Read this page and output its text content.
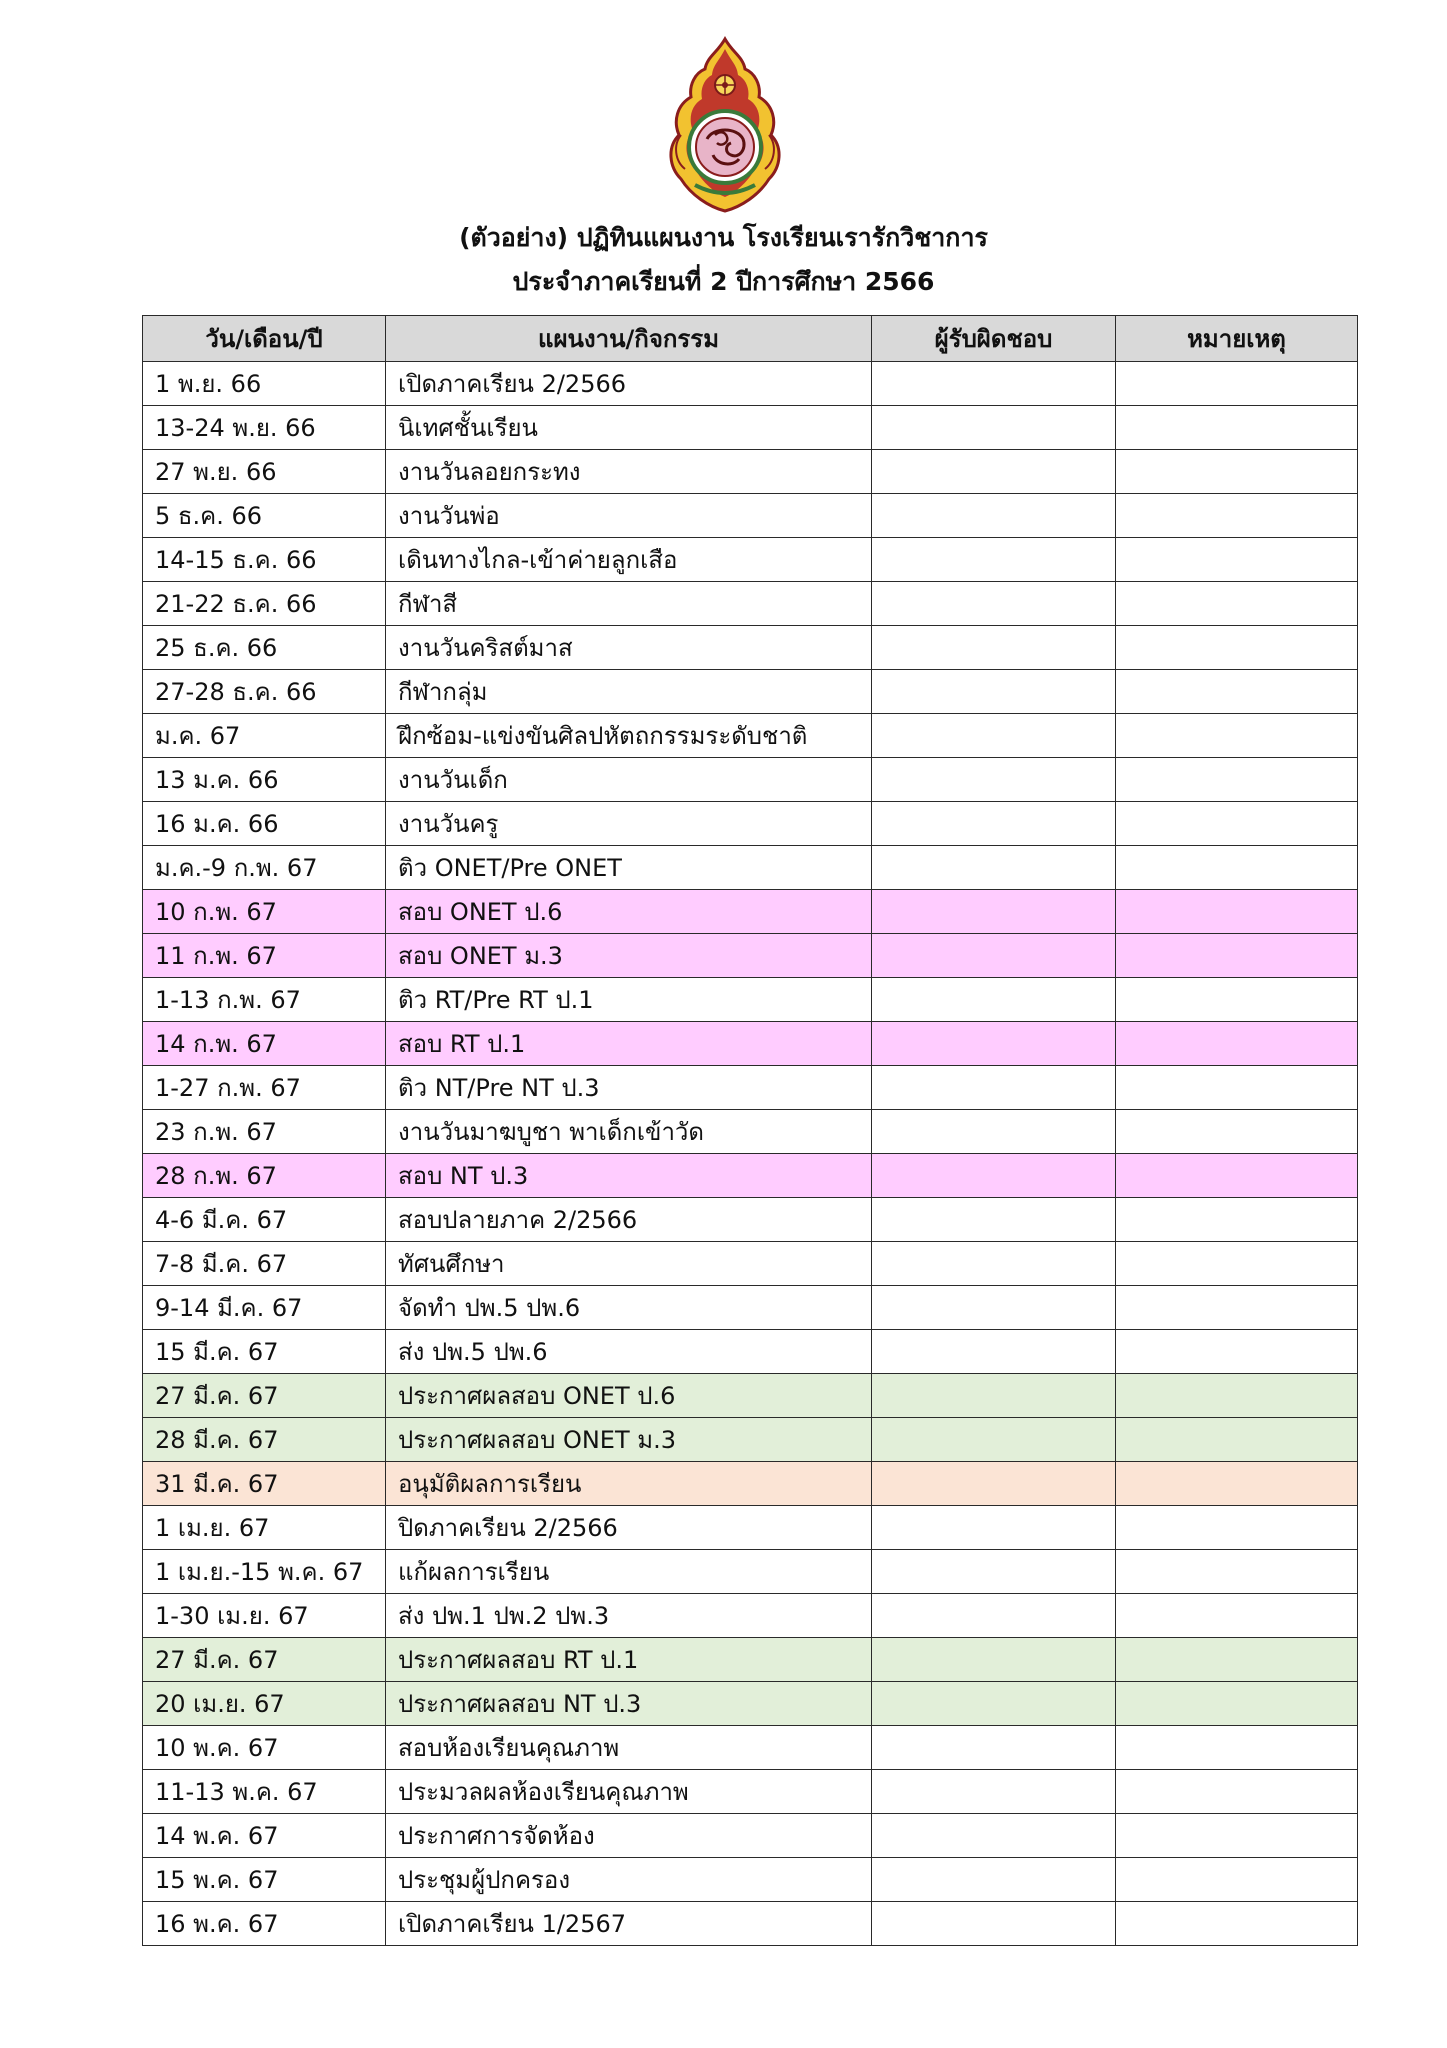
(ตัวอย่าง) ปฏิทินแผนงาน โรงเรียนเรารักวิชาการ
ประจำภาคเรียนที่ 2 ปีการศึกษา 2566
วัน/เดือน/ปี	แผนงาน/กิจกรรม	ผู้รับผิดชอบ	หมายเหตุ
1 พ.ย. 66	เปิดภาคเรียน 2/2566		
13-24 พ.ย. 66	นิเทศชั้นเรียน		
27 พ.ย. 66	งานวันลอยกระทง		
5 ธ.ค. 66	งานวันพ่อ		
14-15 ธ.ค. 66	เดินทางไกล-เข้าค่ายลูกเสือ		
21-22 ธ.ค. 66	กีฬาสี		
25 ธ.ค. 66	งานวันคริสต์มาส		
27-28 ธ.ค. 66	กีฬากลุ่ม		
ม.ค. 67	ฝึกซ้อม-แข่งขันศิลปหัตถกรรมระดับชาติ		
13 ม.ค. 66	งานวันเด็ก		
16 ม.ค. 66	งานวันครู		
ม.ค.-9 ก.พ. 67	ติว ONET/Pre ONET		
10 ก.พ. 67	สอบ ONET ป.6		
11 ก.พ. 67	สอบ ONET ม.3		
1-13 ก.พ. 67	ติว RT/Pre RT ป.1		
14 ก.พ. 67	สอบ RT ป.1		
1-27 ก.พ. 67	ติว NT/Pre NT ป.3		
23 ก.พ. 67	งานวันมาฆบูชา พาเด็กเข้าวัด		
28 ก.พ. 67	สอบ NT ป.3		
4-6 มี.ค. 67	สอบปลายภาค 2/2566		
7-8 มี.ค. 67	ทัศนศึกษา		
9-14 มี.ค. 67	จัดทำ ปพ.5 ปพ.6		
15 มี.ค. 67	ส่ง ปพ.5 ปพ.6		
27 มี.ค. 67	ประกาศผลสอบ ONET ป.6		
28 มี.ค. 67	ประกาศผลสอบ ONET ม.3		
31 มี.ค. 67	อนุมัติผลการเรียน		
1 เม.ย. 67	ปิดภาคเรียน 2/2566		
1 เม.ย.-15 พ.ค. 67	แก้ผลการเรียน		
1-30 เม.ย. 67	ส่ง ปพ.1 ปพ.2 ปพ.3		
27 มี.ค. 67	ประกาศผลสอบ RT ป.1		
20 เม.ย. 67	ประกาศผลสอบ NT ป.3		
10 พ.ค. 67	สอบห้องเรียนคุณภาพ		
11-13 พ.ค. 67	ประมวลผลห้องเรียนคุณภาพ		
14 พ.ค. 67	ประกาศการจัดห้อง		
15 พ.ค. 67	ประชุมผู้ปกครอง		
16 พ.ค. 67	เปิดภาคเรียน 1/2567		
